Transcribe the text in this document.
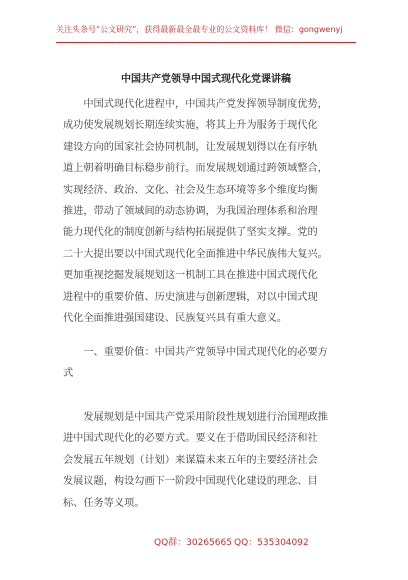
关注头条号“公文研究”，获得最新最全最专业的公文资料库！ 微信：gongwenyj
中国共产党领导中国式现代化党课讲稿
　　中国式现代化进程中，中国共产党发挥领导制度优势，
成功使发展规划长期连续实施，将其上升为服务于现代化
建设方向的国家社会协同机制，让发展规划得以在有序轨
道上朝着明确目标稳步前行。而发展规划通过跨领域整合，
实现经济、政治、文化、社会及生态环境等多个维度均衡
推进，带动了领域间的动态协调，为我国治理体系和治理
能力现代化的制度创新与结构拓展提供了坚实支撑。党的
二十大提出要以中国式现代化全面推进中华民族伟大复兴。
更加重视挖掘发展规划这一机制工具在推进中国式现代化
进程中的重要价值、历史演进与创新逻辑，对以中国式现
代化全面推进强国建设、民族复兴具有重大意义。
　　一、重要价值：中国共产党领导中国式现代化的必要方
式
　　发展规划是中国共产党采用阶段性规划进行治国理政推
进中国式现代化的必要方式。要义在于借助国民经济和社
会发展五年规划（计划）来谋篇未来五年的主要经济社会
发展议题，构设勾画下一阶段中国现代化建设的理念、目
标、任务等义项。
QQ群：30265665 QQ：535304092
